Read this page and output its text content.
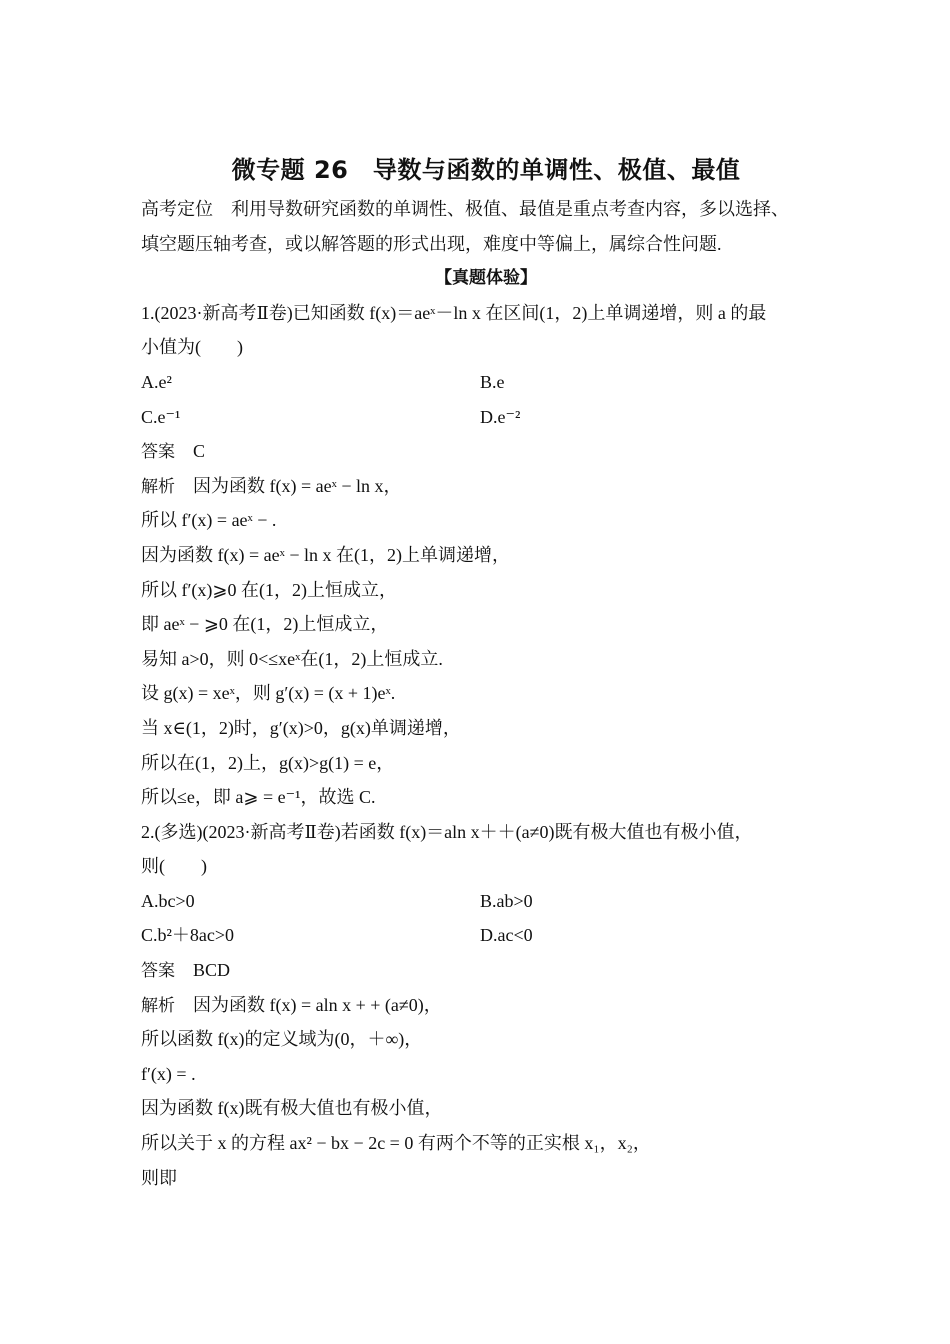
微专题 26　导数与函数的单调性、极值、最值
高考定位　利用导数研究函数的单调性、极值、最值是重点考查内容，多以选择、
填空题压轴考查，或以解答题的形式出现，难度中等偏上，属综合性问题.
【真题体验】
1.(2023·新高考Ⅱ卷)已知函数 f(x)＝aeˣ－ln x 在区间(1，2)上单调递增，则 a 的最
小值为(　　)
A.e²	B.e
C.e⁻¹	D.e⁻²
答案 C
解析 因为函数 f(x) = aeˣ − ln x，
所以 f′(x) = aeˣ − .
因为函数 f(x) = aeˣ − ln x 在(1，2)上单调递增，
所以 f′(x)⩾0 在(1，2)上恒成立，
即 aeˣ − ⩾0 在(1，2)上恒成立，
易知 a>0，则 0<≤xeˣ在(1，2)上恒成立.
设 g(x) = xeˣ，则 g′(x) = (x + 1)eˣ.
当 x∈(1，2)时，g′(x)>0，g(x)单调递增，
所以在(1，2)上，g(x)>g(1) = e，
所以≤e，即 a⩾ = e⁻¹，故选 C.
2.(多选)(2023·新高考Ⅱ卷)若函数 f(x)＝aln x＋＋(a≠0)既有极大值也有极小值，
则(　　)
A.bc>0	B.ab>0
C.b²＋8ac>0	D.ac<0
答案 BCD
解析 因为函数 f(x) = aln x + + (a≠0)，
所以函数 f(x)的定义域为(0，＋∞)，
f′(x) = .
因为函数 f(x)既有极大值也有极小值，
所以关于 x 的方程 ax² − bx − 2c = 0 有两个不等的正实根 x₁，x₂，
则即
